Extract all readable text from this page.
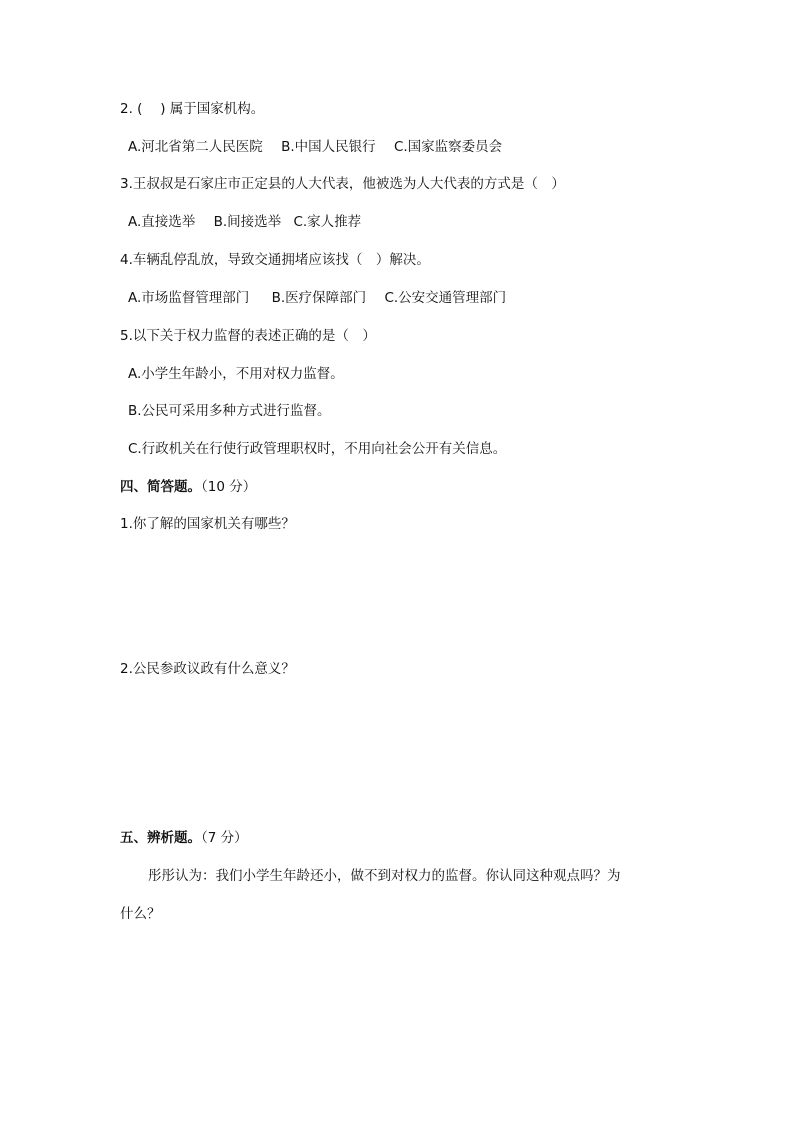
2. (　 ) 属于国家机构。
A.河北省第二人民医院 B.中国人民银行 C.国家监察委员会
3.王叔叔是石家庄市正定县的人大代表，他被选为人大代表的方式是（　）
A.直接选举 B.间接选举 C.家人推荐
4.车辆乱停乱放，导致交通拥堵应该找（　）解决。
A.市场监督管理部门 B.医疗保障部门 C.公安交通管理部门
5.以下关于权力监督的表述正确的是（　）
A.小学生年龄小，不用对权力监督。
B.公民可采用多种方式进行监督。
C.行政机关在行使行政管理职权时，不用向社会公开有关信息。
四、简答题。（10 分）
1.你了解的国家机关有哪些？
2.公民参政议政有什么意义？
五、辨析题。（7 分）
彤彤认为：我们小学生年龄还小，做不到对权力的监督。你认同这种观点吗？为
什么？
